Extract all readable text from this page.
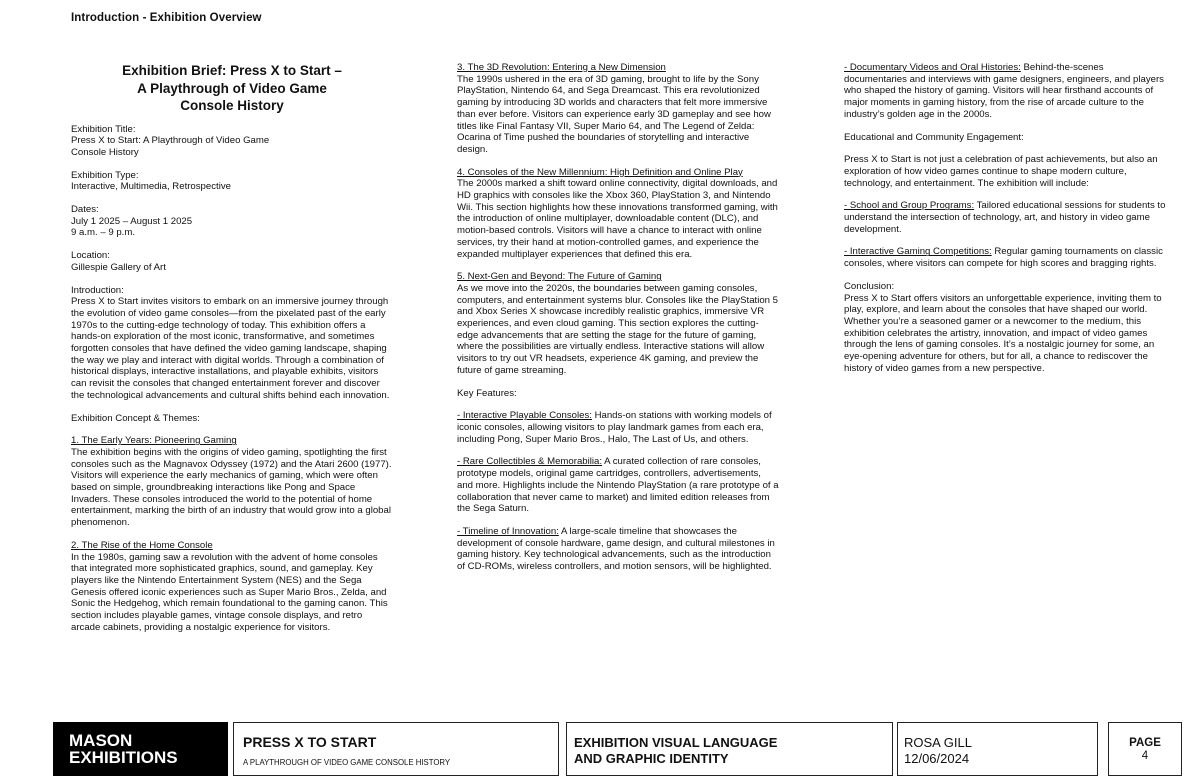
Introduction - Exhibition Overview
Exhibition Brief: Press X to Start –
A Playthrough of Video Game
Console History
Exhibition Title:
Press X to Start: A Playthrough of Video Game
Console History
Exhibition Type:
Interactive, Multimedia, Retrospective
Dates:
July 1 2025 – August 1 2025
9 a.m. – 9 p.m.
Location:
Gillespie Gallery of Art
Introduction:
Press X to Start invites visitors to embark on an immersive journey through the evolution of video game consoles—from the pixelated past of the early 1970s to the cutting-edge technology of today. This exhibition offers a hands-on exploration of the most iconic, transformative, and sometimes forgotten consoles that have defined the video gaming landscape, shaping the way we play and interact with digital worlds. Through a combination of historical displays, interactive installations, and playable exhibits, visitors can revisit the consoles that changed entertainment forever and discover the technological advancements and cultural shifts behind each innovation.
Exhibition Concept & Themes:
1. The Early Years: Pioneering Gaming
The exhibition begins with the origins of video gaming, spotlighting the first consoles such as the Magnavox Odyssey (1972) and the Atari 2600 (1977). Visitors will experience the early mechanics of gaming, which were often based on simple, groundbreaking interactions like Pong and Space Invaders. These consoles introduced the world to the potential of home entertainment, marking the birth of an industry that would grow into a global phenomenon.
2. The Rise of the Home Console
In the 1980s, gaming saw a revolution with the advent of home consoles that integrated more sophisticated graphics, sound, and gameplay. Key players like the Nintendo Entertainment System (NES) and the Sega Genesis offered iconic experiences such as Super Mario Bros., Zelda, and Sonic the Hedgehog, which remain foundational to the gaming canon. This section includes playable games, vintage console displays, and retro arcade cabinets, providing a nostalgic experience for visitors.
3. The 3D Revolution: Entering a New Dimension
The 1990s ushered in the era of 3D gaming, brought to life by the Sony PlayStation, Nintendo 64, and Sega Dreamcast. This era revolutionized gaming by introducing 3D worlds and characters that felt more immersive than ever before. Visitors can experience early 3D gameplay and see how titles like Final Fantasy VII, Super Mario 64, and The Legend of Zelda: Ocarina of Time pushed the boundaries of storytelling and interactive design.
4. Consoles of the New Millennium: High Definition and Online Play
The 2000s marked a shift toward online connectivity, digital downloads, and HD graphics with consoles like the Xbox 360, PlayStation 3, and Nintendo Wii. This section highlights how these innovations transformed gaming, with the introduction of online multiplayer, downloadable content (DLC), and motion-based controls. Visitors will have a chance to interact with online services, try their hand at motion-controlled games, and experience the expanded multiplayer experiences that defined this era.
5. Next-Gen and Beyond: The Future of Gaming
As we move into the 2020s, the boundaries between gaming consoles, computers, and entertainment systems blur. Consoles like the PlayStation 5 and Xbox Series X showcase incredibly realistic graphics, immersive VR experiences, and even cloud gaming. This section explores the cutting-edge advancements that are setting the stage for the future of gaming, where the possibilities are virtually endless. Interactive stations will allow visitors to try out VR headsets, experience 4K gaming, and preview the future of game streaming.
Key Features:
- Interactive Playable Consoles: Hands-on stations with working models of iconic consoles, allowing visitors to play landmark games from each era, including Pong, Super Mario Bros., Halo, The Last of Us, and others.
- Rare Collectibles & Memorabilia: A curated collection of rare consoles, prototype models, original game cartridges, controllers, advertisements, and more. Highlights include the Nintendo PlayStation (a rare prototype of a collaboration that never came to market) and limited edition releases from the Sega Saturn.
- Timeline of Innovation: A large-scale timeline that showcases the development of console hardware, game design, and cultural milestones in gaming history. Key technological advancements, such as the introduction of CD-ROMs, wireless controllers, and motion sensors, will be highlighted.
- Documentary Videos and Oral Histories: Behind-the-scenes documentaries and interviews with game designers, engineers, and players who shaped the history of gaming. Visitors will hear firsthand accounts of major moments in gaming history, from the rise of arcade culture to the industry’s golden age in the 2000s.
Educational and Community Engagement:

Press X to Start is not just a celebration of past achievements, but also an exploration of how video games continue to shape modern culture, technology, and entertainment. The exhibition will include:

- School and Group Programs: Tailored educational sessions for students to understand the intersection of technology, art, and history in video game development.
- Interactive Gaming Competitions: Regular gaming tournaments on classic consoles, where visitors can compete for high scores and bragging rights.
Conclusion:
Press X to Start offers visitors an unforgettable experience, inviting them to play, explore, and learn about the consoles that have shaped our world. Whether you’re a seasoned gamer or a newcomer to the medium, this exhibition celebrates the artistry, innovation, and impact of video games through the lens of gaming consoles. It’s a nostalgic journey for some, an eye-opening adventure for others, but for all, a chance to rediscover the history of video games from a new perspective.
MASON
EXHIBITIONS
PRESS X TO START
A PLAYTHROUGH OF VIDEO GAME CONSOLE HISTORY
EXHIBITION VISUAL LANGUAGE
AND GRAPHIC IDENTITY
ROSA GILL
12/06/2024
PAGE
4
